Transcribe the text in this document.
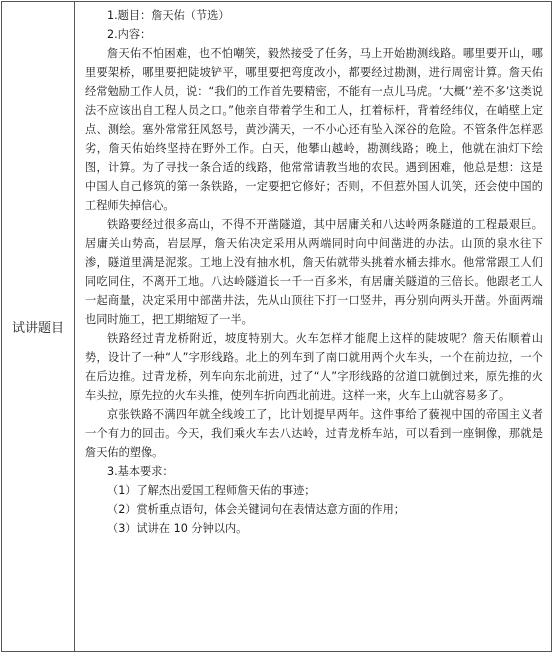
试讲题目

1.题目：詹天佑（节选）

2.内容：

詹天佑不怕困难，也不怕嘲笑，毅然接受了任务，马上开始勘测线路。哪里要开山，哪里要架桥，哪里要把陡坡铲平，哪里要把弯度改小，都要经过勘测，进行周密计算。詹天佑经常勉励工作人员，说：“我们的工作首先要精密，不能有一点儿马虎。‘大概’‘差不多’这类说法不应该出自工程人员之口。”他亲自带着学生和工人，扛着标杆，背着经纬仪，在峭壁上定点、测绘。塞外常常狂风怒号，黄沙满天，一不小心还有坠入深谷的危险。不管条件怎样恶劣，詹天佑始终坚持在野外工作。白天，他攀山越岭，勘测线路；晚上，他就在油灯下绘图，计算。为了寻找一条合适的线路，他常常请教当地的农民。遇到困难，他总是想：这是中国人自己修筑的第一条铁路，一定要把它修好；否则，不但惹外国人讥笑，还会使中国的工程师失掉信心。

铁路要经过很多高山，不得不开凿隧道，其中居庸关和八达岭两条隧道的工程最艰巨。居庸关山势高，岩层厚，詹天佑决定采用从两端同时向中间凿进的办法。山顶的泉水往下渗，隧道里满是泥浆。工地上没有抽水机，詹天佑就带头挑着水桶去排水。他常常跟工人们同吃同住，不离开工地。八达岭隧道长一千一百多米，有居庸关隧道的三倍长。他跟老工人一起商量，决定采用中部凿井法，先从山顶往下打一口竖井，再分别向两头开凿。外面两端也同时施工，把工期缩短了一半。

铁路经过青龙桥附近，坡度特别大。火车怎样才能爬上这样的陡坡呢？詹天佑顺着山势，设计了一种“人”字形线路。北上的列车到了南口就用两个火车头，一个在前边拉，一个在后边推。过青龙桥，列车向东北前进，过了“人”字形线路的岔道口就倒过来，原先推的火车头拉，原先拉的火车头推，使列车折向西北前进。这样一来，火车上山就容易多了。

京张铁路不满四年就全线竣工了，比计划提早两年。这件事给了藐视中国的帝国主义者一个有力的回击。今天，我们乘火车去八达岭，过青龙桥车站，可以看到一座铜像，那就是詹天佑的塑像。

3.基本要求：

（1）了解杰出爱国工程师詹天佑的事迹；

（2）赏析重点语句，体会关键词句在表情达意方面的作用；

（3）试讲在 10 分钟以内。
